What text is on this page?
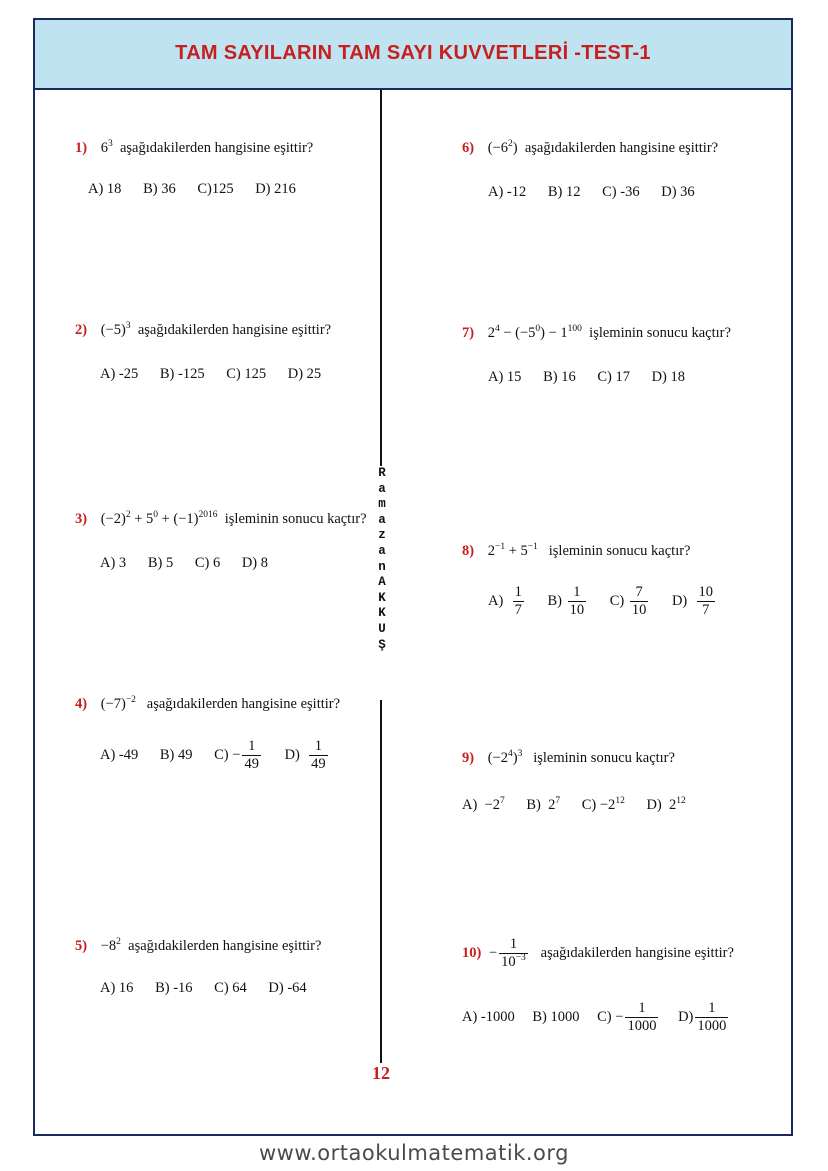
TAM SAYILARIN TAM SAYI KUVVETLERİ -TEST-1
R
a
m
a
z
a
n
A
K
K
U
Ş
1) $6^3$ aşağıdakilerden hangisine eşittir?
A) 18 B) 36 C)125 D) 216
2) $(-5)^3$ aşağıdakilerden hangisine eşittir?
A) -25 B) -125 C) 125 D) 25
3) $(-2)^2 + 5^0 + (-1)^{2016}$ işleminin sonucu kaçtır?
A) 3 B) 5 C) 6 D) 8
4) $(-7)^{-2}$ aşağıdakilerden hangisine eşittir?
A) -49 B) 49 $C) - \frac{1}{49} D) \frac{1}{49}$
$5) -8^2$ aşağıdakilerden hangisine eşittir?
A) 16 B) -16 C) 64 D) -64
6) $(-6^2)$ aşağıdakilerden hangisine eşittir?
A) -12 B) 12 C) -36 D) 36
7) $2^4 - (-5^0) - 1^{100}$ işleminin sonucu kaçtır?
A) 15 B) 16 C) 17 D) 18
8) $2^{-1} + 5^{-1}$ işleminin sonucu kaçtır?
$A) \frac{1}{7} B) \frac{1}{10} C) \frac{7}{10} D) \frac{10}{7}$
9) $(-2^4)^3$ işleminin sonucu kaçtır?
$A) -2^7$ B) $2^7$ $C) -2^{12}$ D) $2^{12}$
$10) - \frac{1}{10^{-3}}$ aşağıdakilerden hangisine eşittir?
A) -1000 B) 1000 $C) - \frac{1}{1000} D) \frac{1}{1000}$
12
www.ortaokulmatematik.org
